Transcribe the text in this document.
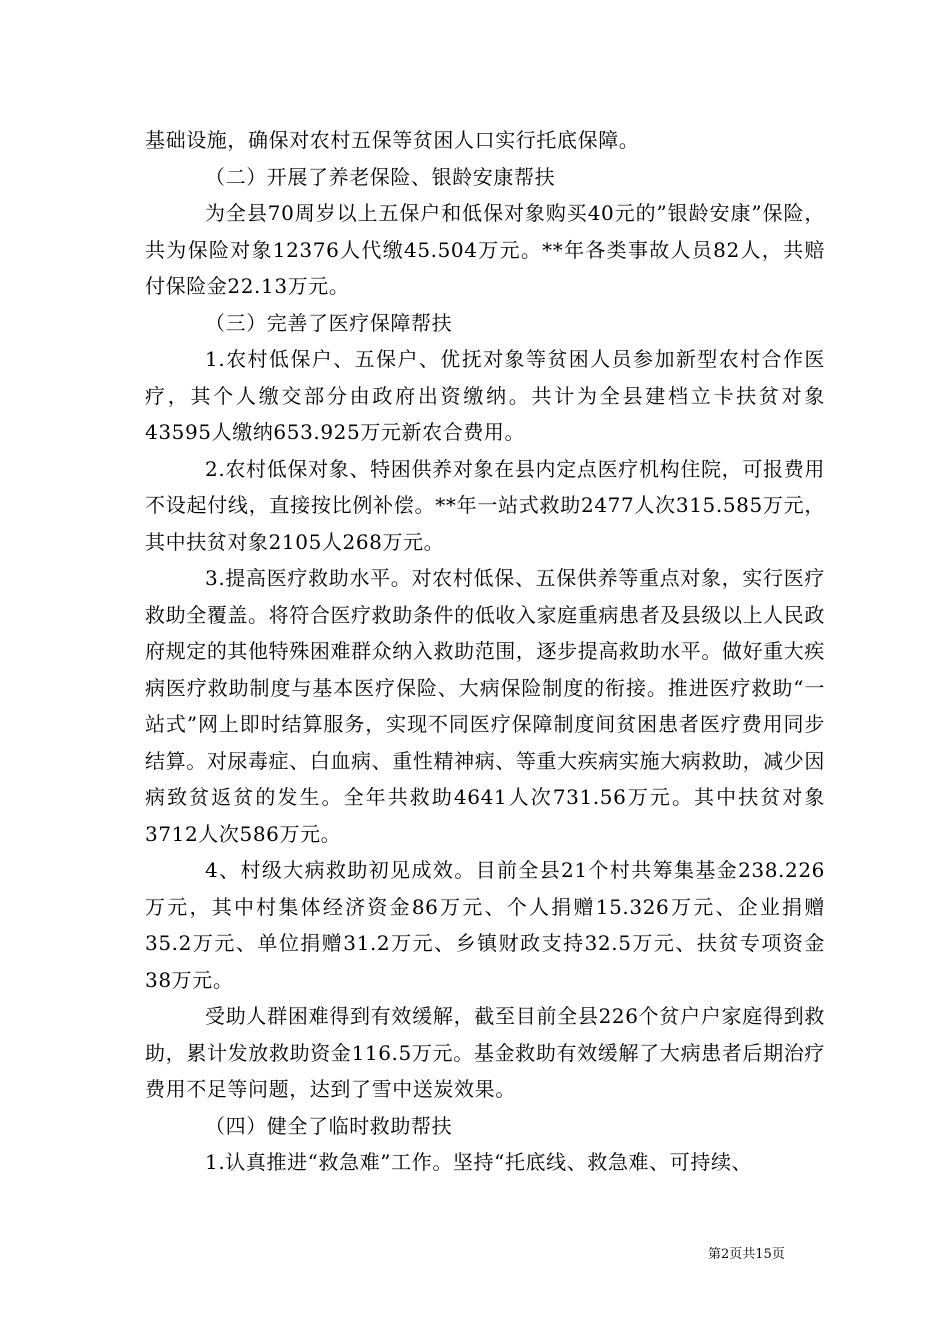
基础设施，确保对农村五保等贫困人口实行托底保障。

（二）开展了养老保险、银龄安康帮扶

为全县70周岁以上五保户和低保对象购买40元的”银龄安康”保险，共为保险对象12376人代缴45.504万元。**年各类事故人员82人，共赔付保险金22.13万元。

（三）完善了医疗保障帮扶

1.农村低保户、五保户、优抚对象等贫困人员参加新型农村合作医疗，其个人缴交部分由政府出资缴纳。共计为全县建档立卡扶贫对象43595人缴纳653.925万元新农合费用。

2.农村低保对象、特困供养对象在县内定点医疗机构住院，可报费用不设起付线，直接按比例补偿。**年一站式救助2477人次315.585万元，其中扶贫对象2105人268万元。

3.提高医疗救助水平。对农村低保、五保供养等重点对象，实行医疗救助全覆盖。将符合医疗救助条件的低收入家庭重病患者及县级以上人民政府规定的其他特殊困难群众纳入救助范围，逐步提高救助水平。做好重大疾病医疗救助制度与基本医疗保险、大病保险制度的衔接。推进医疗救助“一站式”网上即时结算服务，实现不同医疗保障制度间贫困患者医疗费用同步结算。对尿毒症、白血病、重性精神病、等重大疾病实施大病救助，减少因病致贫返贫的发生。全年共救助4641人次731.56万元。其中扶贫对象3712人次586万元。

4、村级大病救助初见成效。目前全县21个村共筹集基金238.226万元，其中村集体经济资金86万元、个人捐赠15.326万元、企业捐赠35.2万元、单位捐赠31.2万元、乡镇财政支持32.5万元、扶贫专项资金38万元。

受助人群困难得到有效缓解，截至目前全县226个贫户户家庭得到救助，累计发放救助资金116.5万元。基金救助有效缓解了大病患者后期治疗费用不足等问题，达到了雪中送炭效果。

（四）健全了临时救助帮扶

1.认真推进“救急难”工作。坚持“托底线、救急难、可持续、

第2页共15页
